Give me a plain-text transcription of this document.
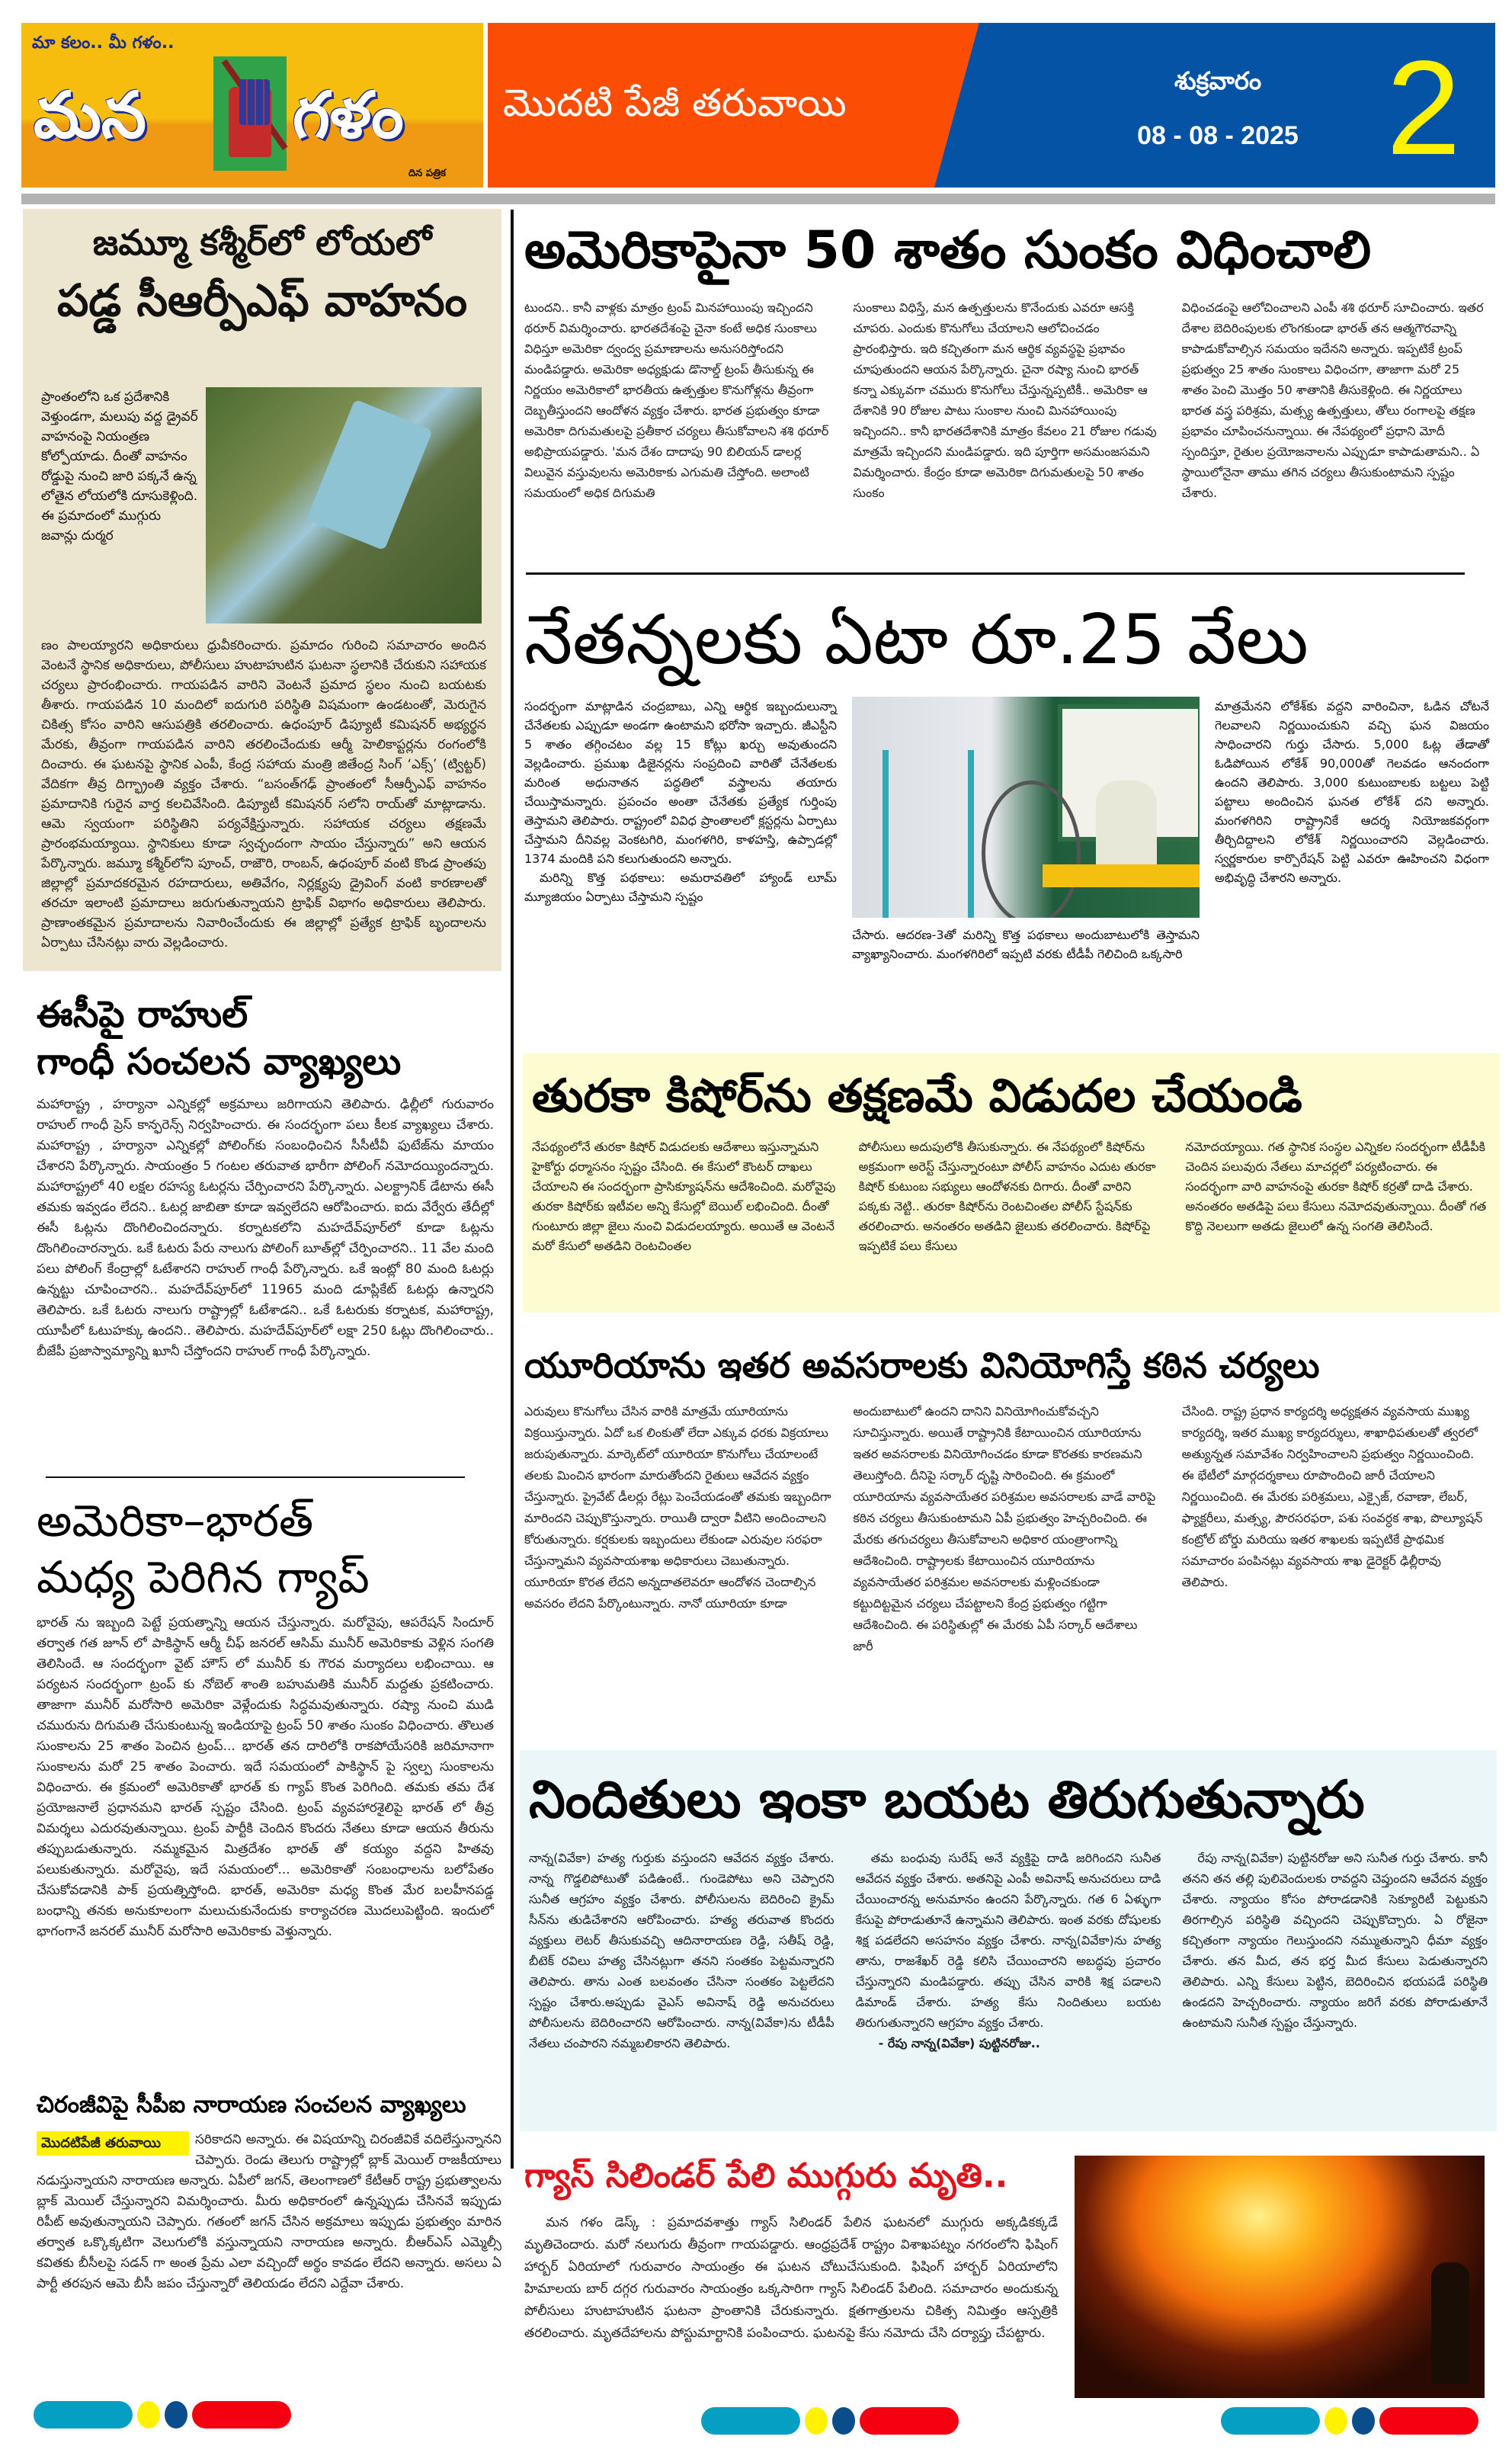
మా కలం.. మీ గళం..
మన	గళం
దిన పత్రిక
మొదటి పేజీ తరువాయి	శుక్రవారం
08 - 08 - 2025 2
జమ్మూ కశ్మీర్‌లో లోయలో
పడ్డ సీఆర్పీఎఫ్ వాహనం
ప్రాంతంలోని ఒక ప్రదేశానికి వెళ్తుండగా, మలుపు వద్ద డ్రైవర్ వాహనంపై నియంత్రణ కోల్పోయాడు. దీంతో వాహనం రోడ్డుపై నుంచి జారి పక్కనే ఉన్న లోతైన లోయలోకి దూసుకెళ్లింది. ఈ ప్రమాదంలో ముగ్గురు జవాన్లు దుర్మర
ణం పాలయ్యారని అధికారులు ధ్రువీకరించారు. ప్రమాదం గురించి సమాచారం అందిన వెంటనే స్థానిక అధికారులు, పోలీసులు హుటాహుటిన ఘటనా స్థలానికి చేరుకుని సహాయక చర్యలు ప్రారంభించారు. గాయపడిన వారిని వెంటనే ప్రమాద స్థలం నుంచి బయటకు తీశారు. గాయపడిన 10 మందిలో ఐదుగురి పరిస్థితి విషమంగా ఉండటంతో, మెరుగైన చికిత్స కోసం వారిని ఆసుపత్రికి తరలించారు. ఉధంపూర్ డిప్యూటీ కమిషనర్ అభ్యర్థన మేరకు, తీవ్రంగా గాయపడిన వారిని తరలించేందుకు ఆర్మీ హెలికాప్టర్లను రంగంలోకి దించారు. ఈ ఘటనపై స్థానిక ఎంపీ, కేంద్ర సహాయ మంత్రి జితేంద్ర సింగ్ ‘ఎక్స్’ (ట్విట్టర్) వేదికగా తీవ్ర దిగ్భ్రాంతి వ్యక్తం చేశారు. “బసంత్‌గఢ్ ప్రాంతంలో సీఆర్పీఎఫ్ వాహనం ప్రమాదానికి గురైన వార్త కలచివేసింది. డిప్యూటీ కమిషనర్ సలోని రాయ్‌తో మాట్లాడాను. ఆమె స్వయంగా పరిస్థితిని పర్యవేక్షిస్తున్నారు. సహాయక చర్యలు తక్షణమే ప్రారంభమయ్యాయి. స్థానికులు కూడా స్వచ్ఛందంగా సాయం చేస్తున్నారు” అని ఆయన పేర్కొన్నారు. జమ్మూ కశ్మీర్‌లోని పూంచ్, రాజౌరి, రాంబన్, ఉధంపూర్ వంటి కొండ ప్రాంతపు జిల్లాల్లో ప్రమాదకరమైన రహదారులు, అతివేగం, నిర్లక్ష్యపు డ్రైవింగ్ వంటి కారణాలతో తరచూ ఇలాంటి ప్రమాదాలు జరుగుతున్నాయని ట్రాఫిక్ విభాగం అధికారులు తెలిపారు. ప్రాణాంతకమైన ప్రమాదాలను నివారించేందుకు ఈ జిల్లాల్లో ప్రత్యేక ట్రాఫిక్ బృందాలను ఏర్పాటు చేసినట్లు వారు వెల్లడించారు.
ఈసీపై రాహుల్
గాంధీ సంచలన వ్యాఖ్యలు
మహారాష్ట్ర , హర్యానా ఎన్నికల్లో అక్రమాలు జరిగాయని తెలిపారు. ఢిల్లీలో గురువారం రాహుల్ గాంధీ ప్రెస్ కాన్ఫరెన్స్ నిర్వహించారు. ఈ సందర్భంగా పలు కీలక వ్యాఖ్యలు చేశారు. మహారాష్ట్ర , హర్యానా ఎన్నికల్లో పోలింగ్‌కు సంబంధించిన సీసీటీవీ ఫుటేజ్‌ను మాయం చేశారని పేర్కొన్నారు. సాయంత్రం 5 గంటల తరువాత భారీగా పోలింగ్ నమోదయ్యిందన్నారు. మహారాష్ట్రలో 40 లక్షల రహస్య ఓటర్లను చేర్పించారని పేర్కొన్నారు. ఎలక్ట్రానిక్ డేటాను ఈసీ తమకు ఇవ్వడం లేదని.. ఓటర్ల జాబితా కూడా ఇవ్వలేదని ఆరోపించారు. ఐదు వేర్వేరు తేదీల్లో ఈసీ ఓట్లను దొంగిలించిందన్నారు. కర్నాటకలోని మహదేవ్‌పూర్‌లో కూడా ఓట్లను దొంగిలించారన్నారు. ఒకే ఓటరు పేరు నాలుగు పోలింగ్ బూత్‌ల్లో చేర్పించారని.. 11 వేల మంది పలు పోలింగ్ కేంద్రాల్లో ఓటేశారని రాహుల్ గాంధీ పేర్కొన్నారు. ఒకే ఇంట్లో 80 మంది ఓటర్లు ఉన్నట్టు చూపించారని.. మహదేవ్‌పూర్‌లో 11965 మంది డూప్లికేట్ ఓటర్లు ఉన్నారని తెలిపారు. ఒకే ఓటరు నాలుగు రాష్ట్రాల్లో ఓటేశాడని.. ఒకే ఓటరుకు కర్నాటక, మహారాష్ట్ర, యూపీలో ఓటుహక్కు ఉందని.. తెలిపారు. మహదేవ్‌పూర్‌లో లక్షా 250 ఓట్లు దొంగిలించారు.. బీజేపీ ప్రజాస్వామ్యాన్ని ఖూనీ చేస్తోందని రాహుల్ గాంధీ పేర్కొన్నారు.
అమెరికా–భారత్
మధ్య పెరిగిన గ్యాప్
భారత్ ను ఇబ్బంది పెట్టే ప్రయత్నాన్ని ఆయన చేస్తున్నారు. మరోవైపు, ఆపరేషన్ సిందూర్ తర్వాత గత జూన్ లో పాకిస్థాన్ ఆర్మీ చీఫ్ జనరల్ ఆసిమ్ మునీర్ అమెరికాకు వెళ్లిన సంగతి తెలిసిందే. ఆ సందర్భంగా వైట్ హౌస్ లో మునీర్ కు గౌరవ మర్యాదలు లభించాయి. ఆ పర్యటన సందర్భంగా ట్రంప్ కు నోబెల్ శాంతి బహుమతికి మునీర్ మద్దతు ప్రకటించారు. తాజాగా మునీర్ మరోసారి అమెరికా వెళ్లేందుకు సిద్ధమవుతున్నారు. రష్యా నుంచి ముడి చమురును దిగుమతి చేసుకుంటున్న ఇండియాపై ట్రంప్ 50 శాతం సుంకం విధించారు. తొలుత సుంకాలను 25 శాతం పెంచిన ట్రంప్... భారత్ తన దారిలోకి రాకపోయేసరికి జరిమానాగా సుంకాలను మరో 25 శాతం పెంచారు. ఇదే సమయంలో పాకిస్థాన్ పై స్వల్ప సుంకాలను విధించారు. ఈ క్రమంలో అమెరికాతో భారత్ కు గ్యాప్ కొంత పెరిగింది. తమకు తమ దేశ ప్రయోజనాలే ప్రధానమని భారత్ స్పష్టం చేసింది. ట్రంప్ వ్యవహారశైలిపై భారత్ లో తీవ్ర విమర్శలు ఎదురవుతున్నాయి. ట్రంప్ పార్టీకి చెందిన కొందరు నేతలు కూడా ఆయన తీరును తప్పుబడుతున్నారు. నమ్మకమైన మిత్రదేశం భారత్ తో కయ్యం వద్దని హితవు పలుకుతున్నారు. మరోవైపు, ఇదే సమయంలో... అమెరికాతో సంబంధాలను బలోపేతం చేసుకోవడానికి పాక్ ప్రయత్నిస్తోంది. భారత్, అమెరికా మధ్య కొంత మేర బలహీనపడ్డ బంధాన్ని తనకు అనుకూలంగా మలుచుకునేందుకు కార్యాచరణ మొదలుపెట్టింది. ఇందులో భాగంగానే జనరల్ మునీర్ మరోసారి అమెరికాకు వెళ్తున్నారు.
చిరంజీవిపై సీపీఐ నారాయణ సంచలన వ్యాఖ్యలు
మొదటిపేజీ తరువాయి	సరికాదని అన్నారు. ఈ విషయాన్ని చిరంజీవికే వదిలేస్తున్నానని చెప్పారు. రెండు తెలుగు రాష్ట్రాల్లో బ్లాక్ మెయిల్ రాజకీయాలు నడుస్తున్నాయని నారాయణ అన్నారు. ఏపీలో జగన్, తెలంగాణలో కేటీఆర్ రాష్ట్ర ప్రభుత్వాలను బ్లాక్ మెయిల్ చేస్తున్నారని విమర్శించారు. మీరు అధికారంలో ఉన్నప్పుడు చేసినవే ఇప్పుడు రిపీట్ అవుతున్నాయని చెప్పారు. గతంలో జగన్ చేసిన అక్రమాలు ఇప్పుడు ప్రభుత్వం మారిన తర్వాత ఒక్కొక్కటిగా వెలుగులోకి వస్తున్నాయని నారాయణ అన్నారు. బీఆర్ఎస్ ఎమ్మెల్సీ కవితకు బీసీలపై సడన్ గా అంత ప్రేమ ఎలా వచ్చిందో అర్థం కావడం లేదని అన్నారు. అసలు ఏ పార్టీ తరపున ఆమె బీసీ జపం చేస్తున్నారో తెలియడం లేదని ఎద్దేవా చేశారు.
అమెరికాపైనా 50 శాతం సుంకం విధించాలి

టుందని.. కానీ వాళ్లకు మాత్రం ట్రంప్ మినహాయింపు ఇచ్చిందని థరూర్ విమర్శించారు. భారతదేశంపై చైనా కంటే అధిక సుంకాలు విధిస్తూ అమెరికా ద్వంద్వ ప్రమాణాలను అనుసరిస్తోందని మండిపడ్డారు. అమెరికా అధ్యక్షుడు డొనాల్డ్ ట్రంప్ తీసుకున్న ఈ నిర్ణయం అమెరికాలో భారతీయ ఉత్పత్తుల కొనుగోళ్లను తీవ్రంగా దెబ్బతీస్తుందని ఆందోళన వ్యక్తం చేశారు. భారత ప్రభుత్వం కూడా అమెరికా దిగుమతులపై ప్రతీకార చర్యలు తీసుకోవాలని శశి థరూర్ అభిప్రాయపడ్డారు. 'మన దేశం దాదాపు 90 బిలియన్ డాలర్ల విలువైన వస్తువులను అమెరికాకు ఎగుమతి చేస్తోంది. అలాంటి సమయంలో అధిక దిగుమతి

సుంకాలు విధిస్తే, మన ఉత్పత్తులను కొనేందుకు ఎవరూ ఆసక్తి చూపరు. ఎందుకు కొనుగోలు చేయాలని ఆలోచించడం ప్రారంభిస్తారు. ఇది కచ్చితంగా మన ఆర్థిక వ్యవస్థపై ప్రభావం చూపుతుందని ఆయన పేర్కొన్నారు. చైనా రష్యా నుంచి భారత్ కన్నా ఎక్కువగా చమురు కొనుగోలు చేస్తున్నప్పటికీ.. అమెరికా ఆ దేశానికి 90 రోజుల పాటు సుంకాల నుంచి మినహాయింపు ఇచ్చిందని.. కానీ భారతదేశానికి మాత్రం కేవలం 21 రోజుల గడువు మాత్రమే ఇచ్చిందని మండిపడ్డారు. ఇది పూర్తిగా అసమంజసమని విమర్శించారు. కేంద్రం కూడా అమెరికా దిగుమతులపై 50 శాతం సుంకం

విధించడంపై ఆలోచించాలని ఎంపీ శశి థరూర్ సూచించారు. ఇతర దేశాల బెదిరింపులకు లొంగకుండా భారత్ తన ఆత్మగౌరవాన్ని కాపాడుకోవాల్సిన సమయం ఇదేనని అన్నారు. ఇప్పటికే ట్రంప్ ప్రభుత్వం 25 శాతం సుంకాలు విధించగా, తాజాగా మరో 25 శాతం పెంచి మొత్తం 50 శాతానికి తీసుకెళ్లింది. ఈ నిర్ణయాలు భారత వస్త్ర పరిశ్రమ, మత్స్య ఉత్పత్తులు, తోలు రంగాలపై తక్షణ ప్రభావం చూపించనున్నాయి. ఈ నేపథ్యంలో ప్రధాని మోదీ స్పందిస్తూ, రైతుల ప్రయోజనాలను ఎప్పుడూ కాపాడుతామని.. ఏ స్థాయిలోనైనా తాము తగిన చర్యలు తీసుకుంటామని స్పష్టం చేశారు.

నేతన్నలకు ఏటా రూ.25 వేలు

సందర్భంగా మాట్లాడిన చంద్రబాబు, ఎన్ని ఆర్థిక ఇబ్బందులున్నా చేనేతలకు ఎప్పుడూ అండగా ఉంటామని భరోసా ఇచ్చారు. జీఎస్టీని 5 శాతం తగ్గించటం వల్ల 15 కోట్లు ఖర్చు అవుతుందని వెల్లడించారు. ప్రముఖ డిజైనర్లను సంప్రదించి వారితో చేనేతలకు మరింత అధునాతన పద్ధతిలో వస్త్రాలను తయారు చేయిస్తామన్నారు. ప్రపంచం అంతా చేనేతకు ప్రత్యేక గుర్తింపు తెస్తామని తెలిపారు. రాష్ట్రంలో వివిధ ప్రాంతాలలో క్లస్టర్లను ఏర్పాటు చేస్తామని దీనివల్ల వెంకటగిరి, మంగళగిరి, కాళహస్తి, ఉప్పాడల్లో 1374 మందికి పని కలుగుతుందని అన్నారు.

మరిన్ని కొత్త పథకాలు: అమరావతిలో హ్యాండ్ లూమ్ మ్యూజియం ఏర్పాటు చేస్తామని స్పష్టం

చేసారు. ఆదరణ-3తో మరిన్ని కొత్త పథకాలు అందుబాటులోకి తెస్తామని వ్యాఖ్యానించారు. మంగళగిరిలో ఇప్పటి వరకు టీడీపీ గెలిచింది ఒక్కసారి

మాత్రమేనని లోకేశ్‌కు వద్దని వారించినా, ఓడిన చోటనే గెలవాలని నిర్ణయించుకుని వచ్చి ఘన విజయం సాధించారని గుర్తు చేసారు. 5,000 ఓట్ల తేడాతో ఓడిపోయిన లోకేశ్ 90,000తో గెలవడం ఆనందంగా ఉందని తెలిపారు. 3,000 కుటుంబాలకు బట్టలు పెట్టి పట్టాలు అందించిన ఘనత లోకేశ్ దని అన్నారు. మంగళగిరిని రాష్ట్రానికే ఆదర్శ నియోజకవర్గంగా తీర్చిదిద్దాలని లోకేశ్ నిర్ణయించారని వెల్లడించారు. స్వర్ణకారుల కార్పొరేషన్ పెట్టి ఎవరూ ఊహించని విధంగా అభివృద్ధి చేశారని అన్నారు.

తురకా కిషోర్‌ను తక్షణమే విడుదల చేయండి

నేపథ్యంలోనే తురకా కిషోర్ విడుదలకు ఆదేశాలు ఇస్తున్నామని హైకోర్టు ధర్మాసనం స్పష్టం చేసింది. ఈ కేసులో కౌంటర్ దాఖలు చేయాలని ఈ సందర్భంగా ప్రాసిక్యూషన్‌ను ఆదేశించింది. మరోవైపు తురకా కిషోర్‌కు ఇటీవల అన్ని కేసుల్లో బెయిల్ లభించింది. దీంతో గుంటూరు జిల్లా జైలు నుంచి విడుదలయ్యారు. అయితే ఆ వెంటనే మరో కేసులో అతడిని రెంటచింతల

పోలీసులు అదుపులోకి తీసుకున్నారు. ఈ నేపథ్యంలో కిషోర్‌ను అక్రమంగా అరెస్ట్ చేస్తున్నారంటూ పోలీస్ వాహనం ఎదుట తురకా కిషోర్ కుటుంబ సభ్యులు ఆందోళనకు దిగారు. దీంతో వారిని పక్కకు నెట్టి.. తురకా కిషోర్‌ను రెంటచింతల పోలీస్ స్టేషన్‌కు తరలించారు. అనంతరం అతడిని జైలుకు తరలించారు. కిషోర్‌పై ఇప్పటికే పలు కేసులు

నమోదయ్యాయి. గత స్థానిక సంస్థల ఎన్నికల సందర్భంగా టీడీపీకి చెందిన పలువురు నేతలు మాచర్లలో పర్యటించారు. ఈ సందర్భంగా వారి వాహనంపై తురకా కిషోర్ కర్రతో దాడి చేశారు. అనంతరం అతడిపై పలు కేసులు నమోదవుతున్నాయి. దీంతో గత కొద్ది నెలలుగా అతడు జైలులో ఉన్న సంగతి తెలిసిందే.

యూరియాను ఇతర అవసరాలకు వినియోగిస్తే కఠిన చర్యలు

ఎరువులు కొనుగోలు చేసిన వారికి మాత్రమే యూరియాను విక్రయిస్తున్నారు. ఏదో ఒక లింకుతో లేదా ఎక్కువ ధరకు విక్రయాలు జరుపుతున్నారు. మార్కెట్‌లో యూరియా కొనుగోలు చేయాలంటే తలకు మించిన భారంగా మారుతోందని రైతులు ఆవేదన వ్యక్తం చేస్తున్నారు. ప్రైవేట్ డీలర్లు రేట్లు పెంచేయడంతో తమకు ఇబ్బందిగా మారిందని చెప్పుకొస్తున్నారు. రాయితీ ద్వారా వీటిని అందించాలని కోరుతున్నారు. కర్షకులకు ఇబ్బందులు లేకుండా ఎరువుల సరఫరా చేస్తున్నామని వ్యవసాయశాఖ అధికారులు చెబుతున్నారు. యూరియా కొరత లేదని అన్నదాతలెవరూ ఆందోళన చెందాల్సిన అవసరం లేదని పేర్కొంటున్నారు. నానో యూరియా కూడా

అందుబాటులో ఉందని దానిని వినియోగించుకోవచ్చని సూచిస్తున్నారు. అయితే రాష్ట్రానికి కేటాయించిన యూరియాను ఇతర అవసరాలకు వినియోగించడం కూడా కొరతకు కారణమని తెలుస్తోంది. దీనిపై సర్కార్ దృష్టి సారించింది. ఈ క్రమంలో యూరియాను వ్యవసాయేతర పరిశ్రమల అవసరాలకు వాడే వారిపై కఠిన చర్యలు తీసుకుంటామని ఏపీ ప్రభుత్వం హెచ్చరించింది. ఈ మేరకు తగుచర్యలు తీసుకోవాలని అధికార యంత్రాంగాన్ని ఆదేశించింది. రాష్ట్రాలకు కేటాయించిన యూరియాను వ్యవసాయేతర పరిశ్రమల అవసరాలకు మళ్లించకుండా కట్టుదిట్టమైన చర్యలు చేపట్టాలని కేంద్ర ప్రభుత్వం గట్టిగా ఆదేశించింది. ఈ పరిస్థితుల్లో ఈ మేరకు ఏపీ సర్కార్ ఆదేశాలు జారీ

చేసింది. రాష్ట్ర ప్రధాన కార్యదర్శి అధ్యక్షతన వ్యవసాయ ముఖ్య కార్యదర్శి, ఇతర ముఖ్య కార్యదర్శులు, శాఖాధిపతులతో త్వరలో అత్యున్నత సమావేశం నిర్వహించాలని ప్రభుత్వం నిర్ణయించింది. ఈ భేటీలో మార్గదర్శకాలు రూపొందించి జారీ చేయాలని నిర్ణయించింది. ఈ మేరకు పరిశ్రమలు, ఎక్సైజ్, రవాణా, లేబర్, ఫ్యాక్టరీలు, మత్స్య, పౌరసరఫరా, పశు సంవర్ధక శాఖ, పొల్యూషన్ కంట్రోల్ బోర్డు మరియు ఇతర శాఖలకు ఇప్పటికే ప్రాథమిక సమాచారం పంపినట్లు వ్యవసాయ శాఖ డైరెక్టర్ ఢిల్లీరావు తెలిపారు.

నిందితులు ఇంకా బయట తిరుగుతున్నారు

నాన్న(వివేకా) హత్య గుర్తుకు వస్తుందని ఆవేదన వ్యక్తం చేశారు. నాన్న గొడ్డలిపోటుతో పడిఉంటే.. గుండెపోటు అని చెప్పారని సునీత ఆగ్రహం వ్యక్తం చేశారు. పోలీసులను బెదిరించి క్రైమ్ సీన్‌ను తుడిచేశారని ఆరోపించారు. హత్య తరువాత కొందరు వ్యక్తులు లెటర్ తీసుకువచ్చి ఆదినారాయణ రెడ్డి, సతీష్ రెడ్డి, బీటెక్ రవిలు హత్య చేసినట్లుగా తనని సంతకం పెట్టమన్నారని తెలిపారు. తాను ఎంత బలవంతం చేసినా సంతకం పెట్టలేదని స్పష్టం చేశారు.అప్పుడు వైఎస్ అవినాష్ రెడ్డి అనుచరులు పోలీసులను బెదిరించారని ఆరోపించారు. నాన్న(వివేకా)ను టీడీపీ నేతలు చంపారని నమ్మబలికారని తెలిపారు.

తమ బంధువు సురేష్ అనే వ్యక్తిపై దాడి జరిగిందని సునీత ఆవేదన వ్యక్తం చేశారు. అతనిపై ఎంపీ అవినాష్ అనుచరులు దాడి చేయించారన్న అనుమానం ఉందని పేర్కొన్నారు. గత 6 ఏళ్ళుగా కేసుపై పోరాడుతూనే ఉన్నామని తెలిపారు. ఇంత వరకు దోషులకు శిక్ష పడలేదని అసహనం వ్యక్తం చేశారు. నాన్న(వివేకా)ను హత్య తాను, రాజశేఖర్ రెడ్డి కలిసి చేయించారని అబద్ధపు ప్రచారం చేస్తున్నారని మండిపడ్డారు. తప్పు చేసిన వారికి శిక్ష పడాలని డిమాండ్ చేశారు. హత్య కేసు నిందితులు బయట తిరుగుతున్నారని ఆగ్రహం వ్యక్తం చేశారు.

- రేపు నాన్న(వివేకా) పుట్టినరోజు..

రేపు నాన్న(వివేకా) పుట్టినరోజు అని సునీత గుర్తు చేశారు. కానీ తనని తన తల్లి పులివెందులకు రావద్దని చెప్తుందని ఆవేదన వ్యక్తం చేశారు. న్యాయం కోసం పోరాడడానికి సెక్యూరిటీ పెట్టుకుని తిరగాల్సిన పరిస్థితి వచ్చిందని చెప్పుకొచ్చారు. ఏ రోజైనా కచ్చితంగా న్యాయం గెలుస్తుందని నమ్ముతున్నాని ధీమా వ్యక్తం చేశారు. తన మీద, తన భర్త మీద కేసులు పెడుతున్నారని తెలిపారు. ఎన్ని కేసులు పెట్టిన, బెదిరించిన భయపడే పరిస్థితి ఉండదని హెచ్చరించారు. న్యాయం జరిగే వరకు పోరాడుతూనే ఉంటామని సునీత స్పష్టం చేస్తున్నారు.

గ్యాస్ సిలిండర్ పేలి ముగ్గురు మృతి..
మన గళం డెస్క్ : ప్రమాదవశాత్తు గ్యాస్ సిలిండర్ పేలిన ఘటనలో ముగ్గురు అక్కడికక్కడే మృతిచెందారు. మరో నలుగురు తీవ్రంగా గాయపడ్డారు. ఆంధ్రప్రదేశ్ రాష్ట్రం విశాఖపట్నం నగరంలోని ఫిషింగ్ హార్బర్ ఏరియాలో గురువారం సాయంత్రం ఈ ఘటన చోటుచేసుకుంది. ఫిషింగ్ హార్బర్ ఏరియాలోని హిమాలయ బార్ దగ్గర గురువారం సాయంత్రం ఒక్కసారిగా గ్యాస్ సిలిండర్ పేలింది. సమాచారం అందుకున్న పోలీసులు హుటాహుటిన ఘటనా ప్రాంతానికి చేరుకున్నారు. క్షతగాత్రులను చికిత్స నిమిత్తం ఆస్పత్రికి తరలించారు. మృతదేహాలను పోస్టుమార్టానికి పంపించారు. ఘటనపై కేసు నమోదు చేసి దర్యాప్తు చేపట్టారు.
